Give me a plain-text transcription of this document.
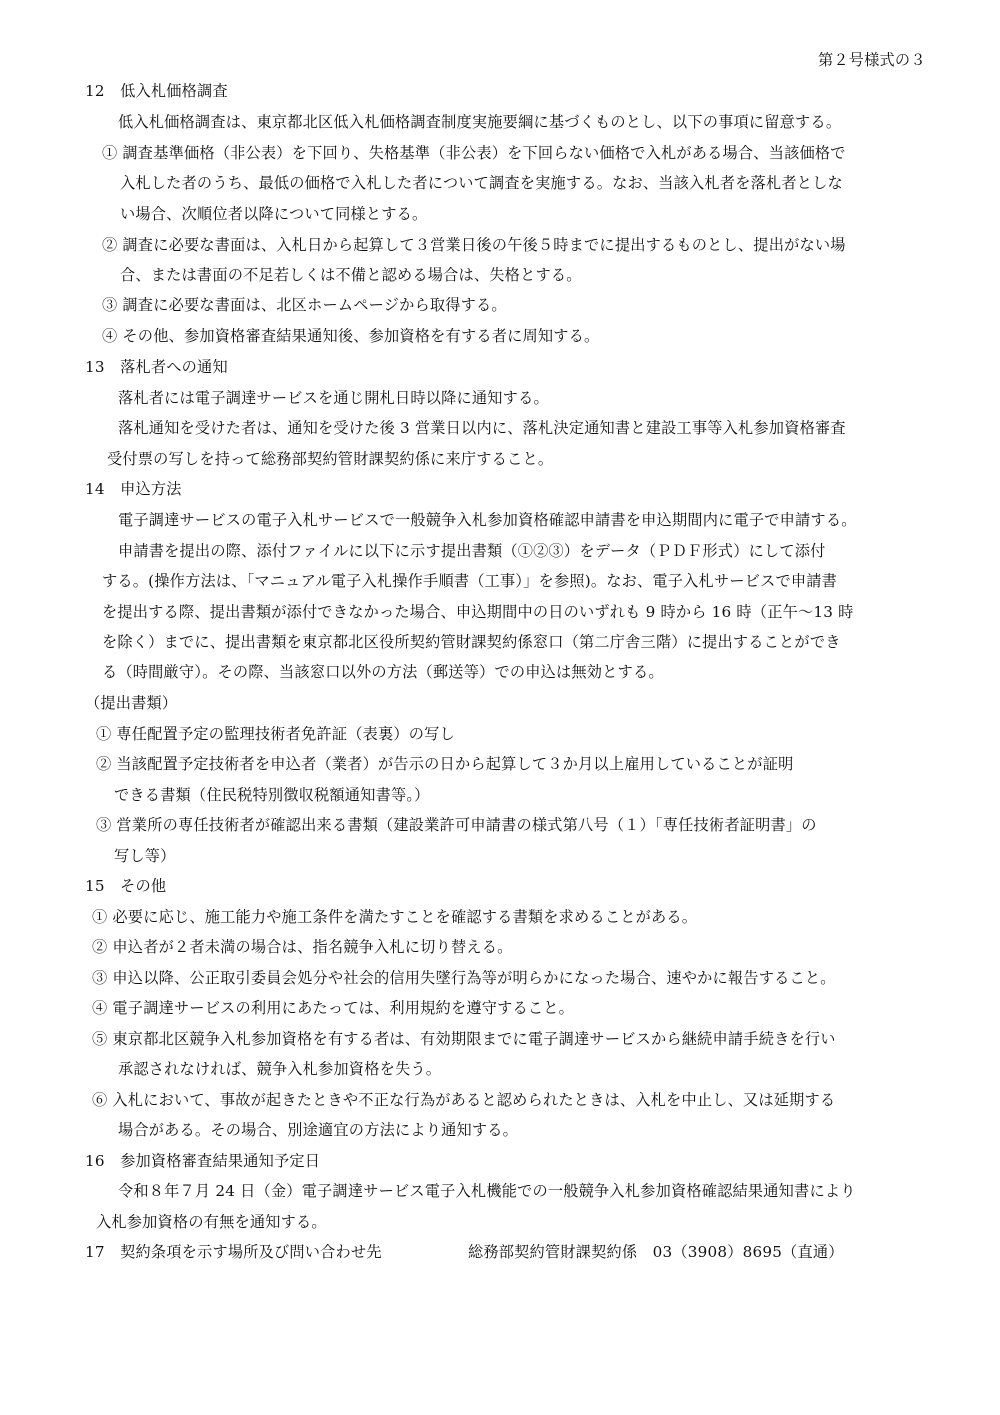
第２号様式の３
12　低入札価格調査
低入札価格調査は、東京都北区低入札価格調査制度実施要綱に基づくものとし、以下の事項に留意する。
① 調査基準価格（非公表）を下回り、失格基準（非公表）を下回らない価格で入札がある場合、当該価格で
入札した者のうち、最低の価格で入札した者について調査を実施する。なお、当該入札者を落札者としな
い場合、次順位者以降について同様とする。
② 調査に必要な書面は、入札日から起算して３営業日後の午後５時までに提出するものとし、提出がない場
合、または書面の不足若しくは不備と認める場合は、失格とする。
③ 調査に必要な書面は、北区ホームページから取得する。
④ その他、参加資格審査結果通知後、参加資格を有する者に周知する。
13　落札者への通知
落札者には電子調達サービスを通じ開札日時以降に通知する。
落札通知を受けた者は、通知を受けた後 3 営業日以内に、落札決定通知書と建設工事等入札参加資格審査
受付票の写しを持って総務部契約管財課契約係に来庁すること。
14　申込方法
電子調達サービスの電子入札サービスで一般競争入札参加資格確認申請書を申込期間内に電子で申請する。
申請書を提出の際、添付ファイルに以下に示す提出書類（①②③）をデータ（ＰＤＦ形式）にして添付
する。(操作方法は、「マニュアル電子入札操作手順書（工事）」を参照)。なお、電子入札サービスで申請書
を提出する際、提出書類が添付できなかった場合、申込期間中の日のいずれも 9 時から 16 時（正午～13 時
を除く）までに、提出書類を東京都北区役所契約管財課契約係窓口（第二庁舎三階）に提出することができ
る（時間厳守）。その際、当該窓口以外の方法（郵送等）での申込は無効とする。
（提出書類）
① 専任配置予定の監理技術者免許証（表裏）の写し
② 当該配置予定技術者を申込者（業者）が告示の日から起算して３か月以上雇用していることが証明
できる書類（住民税特別徴収税額通知書等。）
③ 営業所の専任技術者が確認出来る書類（建設業許可申請書の様式第八号（１）「専任技術者証明書」の
写し等）
15　その他
① 必要に応じ、施工能力や施工条件を満たすことを確認する書類を求めることがある。
② 申込者が２者未満の場合は、指名競争入札に切り替える。
③ 申込以降、公正取引委員会処分や社会的信用失墜行為等が明らかになった場合、速やかに報告すること。
④ 電子調達サービスの利用にあたっては、利用規約を遵守すること。
⑤ 東京都北区競争入札参加資格を有する者は、有効期限までに電子調達サービスから継続申請手続きを行い
承認されなければ、競争入札参加資格を失う。
⑥ 入札において、事故が起きたときや不正な行為があると認められたときは、入札を中止し、又は延期する
場合がある。その場合、別途適宜の方法により通知する。
16　参加資格審査結果通知予定日
令和８年７月 24 日（金）電子調達サービス電子入札機能での一般競争入札参加資格確認結果通知書により
入札参加資格の有無を通知する。
17　契約条項を示す場所及び問い合わせ先	総務部契約管財課契約係　03（3908）8695（直通）
